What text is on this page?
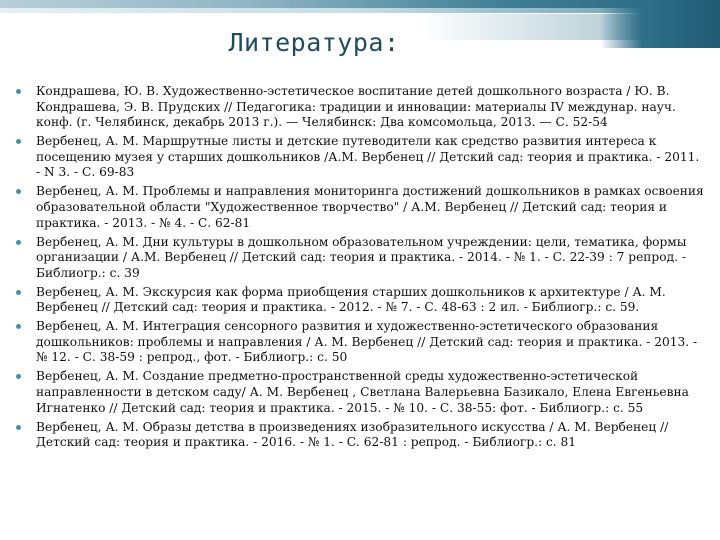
Литература:
Кондрашева, Ю. В. Художественно-эстетическое воспитание детей дошкольного возраста / Ю. В. Кондрашева, Э. В. Прудских // Педагогика: традиции и инновации: материалы IV междунар. науч. конф. (г. Челябинск, декабрь 2013 г.). — Челябинск: Два комсомольца, 2013. — С. 52-54
Вербенец, А. М. Маршрутные листы и детские путеводители как средство развития интереса к посещению музея у старших дошкольников /А.М. Вербенец // Детский сад: теория и практика. - 2011. - N 3. - С. 69-83
Вербенец, А. М. Проблемы и направления мониторинга достижений дошкольников в рамках освоения образовательной области "Художественное творчество" / А.М. Вербенец // Детский сад: теория и практика. - 2013. - № 4. - С. 62-81
Вербенец, А. М. Дни культуры в дошкольном образовательном учреждении: цели, тематика, формы организации / А.М. Вербенец // Детский сад: теория и практика. - 2014. - № 1. - С. 22-39 : 7 репрод. - Библиогр.: с. 39
Вербенец, А. М. Экскурсия как форма приобщения старших дошкольников к архитектуре / А. М. Вербенец // Детский сад: теория и практика. - 2012. - № 7. - С. 48-63 : 2 ил. - Библиогр.: с. 59.
Вербенец, А. М. Интеграция сенсорного развития и художественно-эстетического образования дошкольников: проблемы и направления / А. М. Вербенец // Детский сад: теория и практика. - 2013. - № 12. - С. 38-59 : репрод., фот. - Библиогр.: с. 50
Вербенец, А. М. Создание предметно-пространственной среды художественно-эстетической направленности в детском саду/ А. М. Вербенец , Светлана Валерьевна Базикало, Елена Евгеньевна Игнатенко // Детский сад: теория и практика. - 2015. - № 10. - С. 38-55: фот. - Библиогр.: с. 55
Вербенец, А. М. Образы детства в произведениях изобразительного искусства / А. М. Вербенец // Детский сад: теория и практика. - 2016. - № 1. - С. 62-81 : репрод. - Библиогр.: с. 81
